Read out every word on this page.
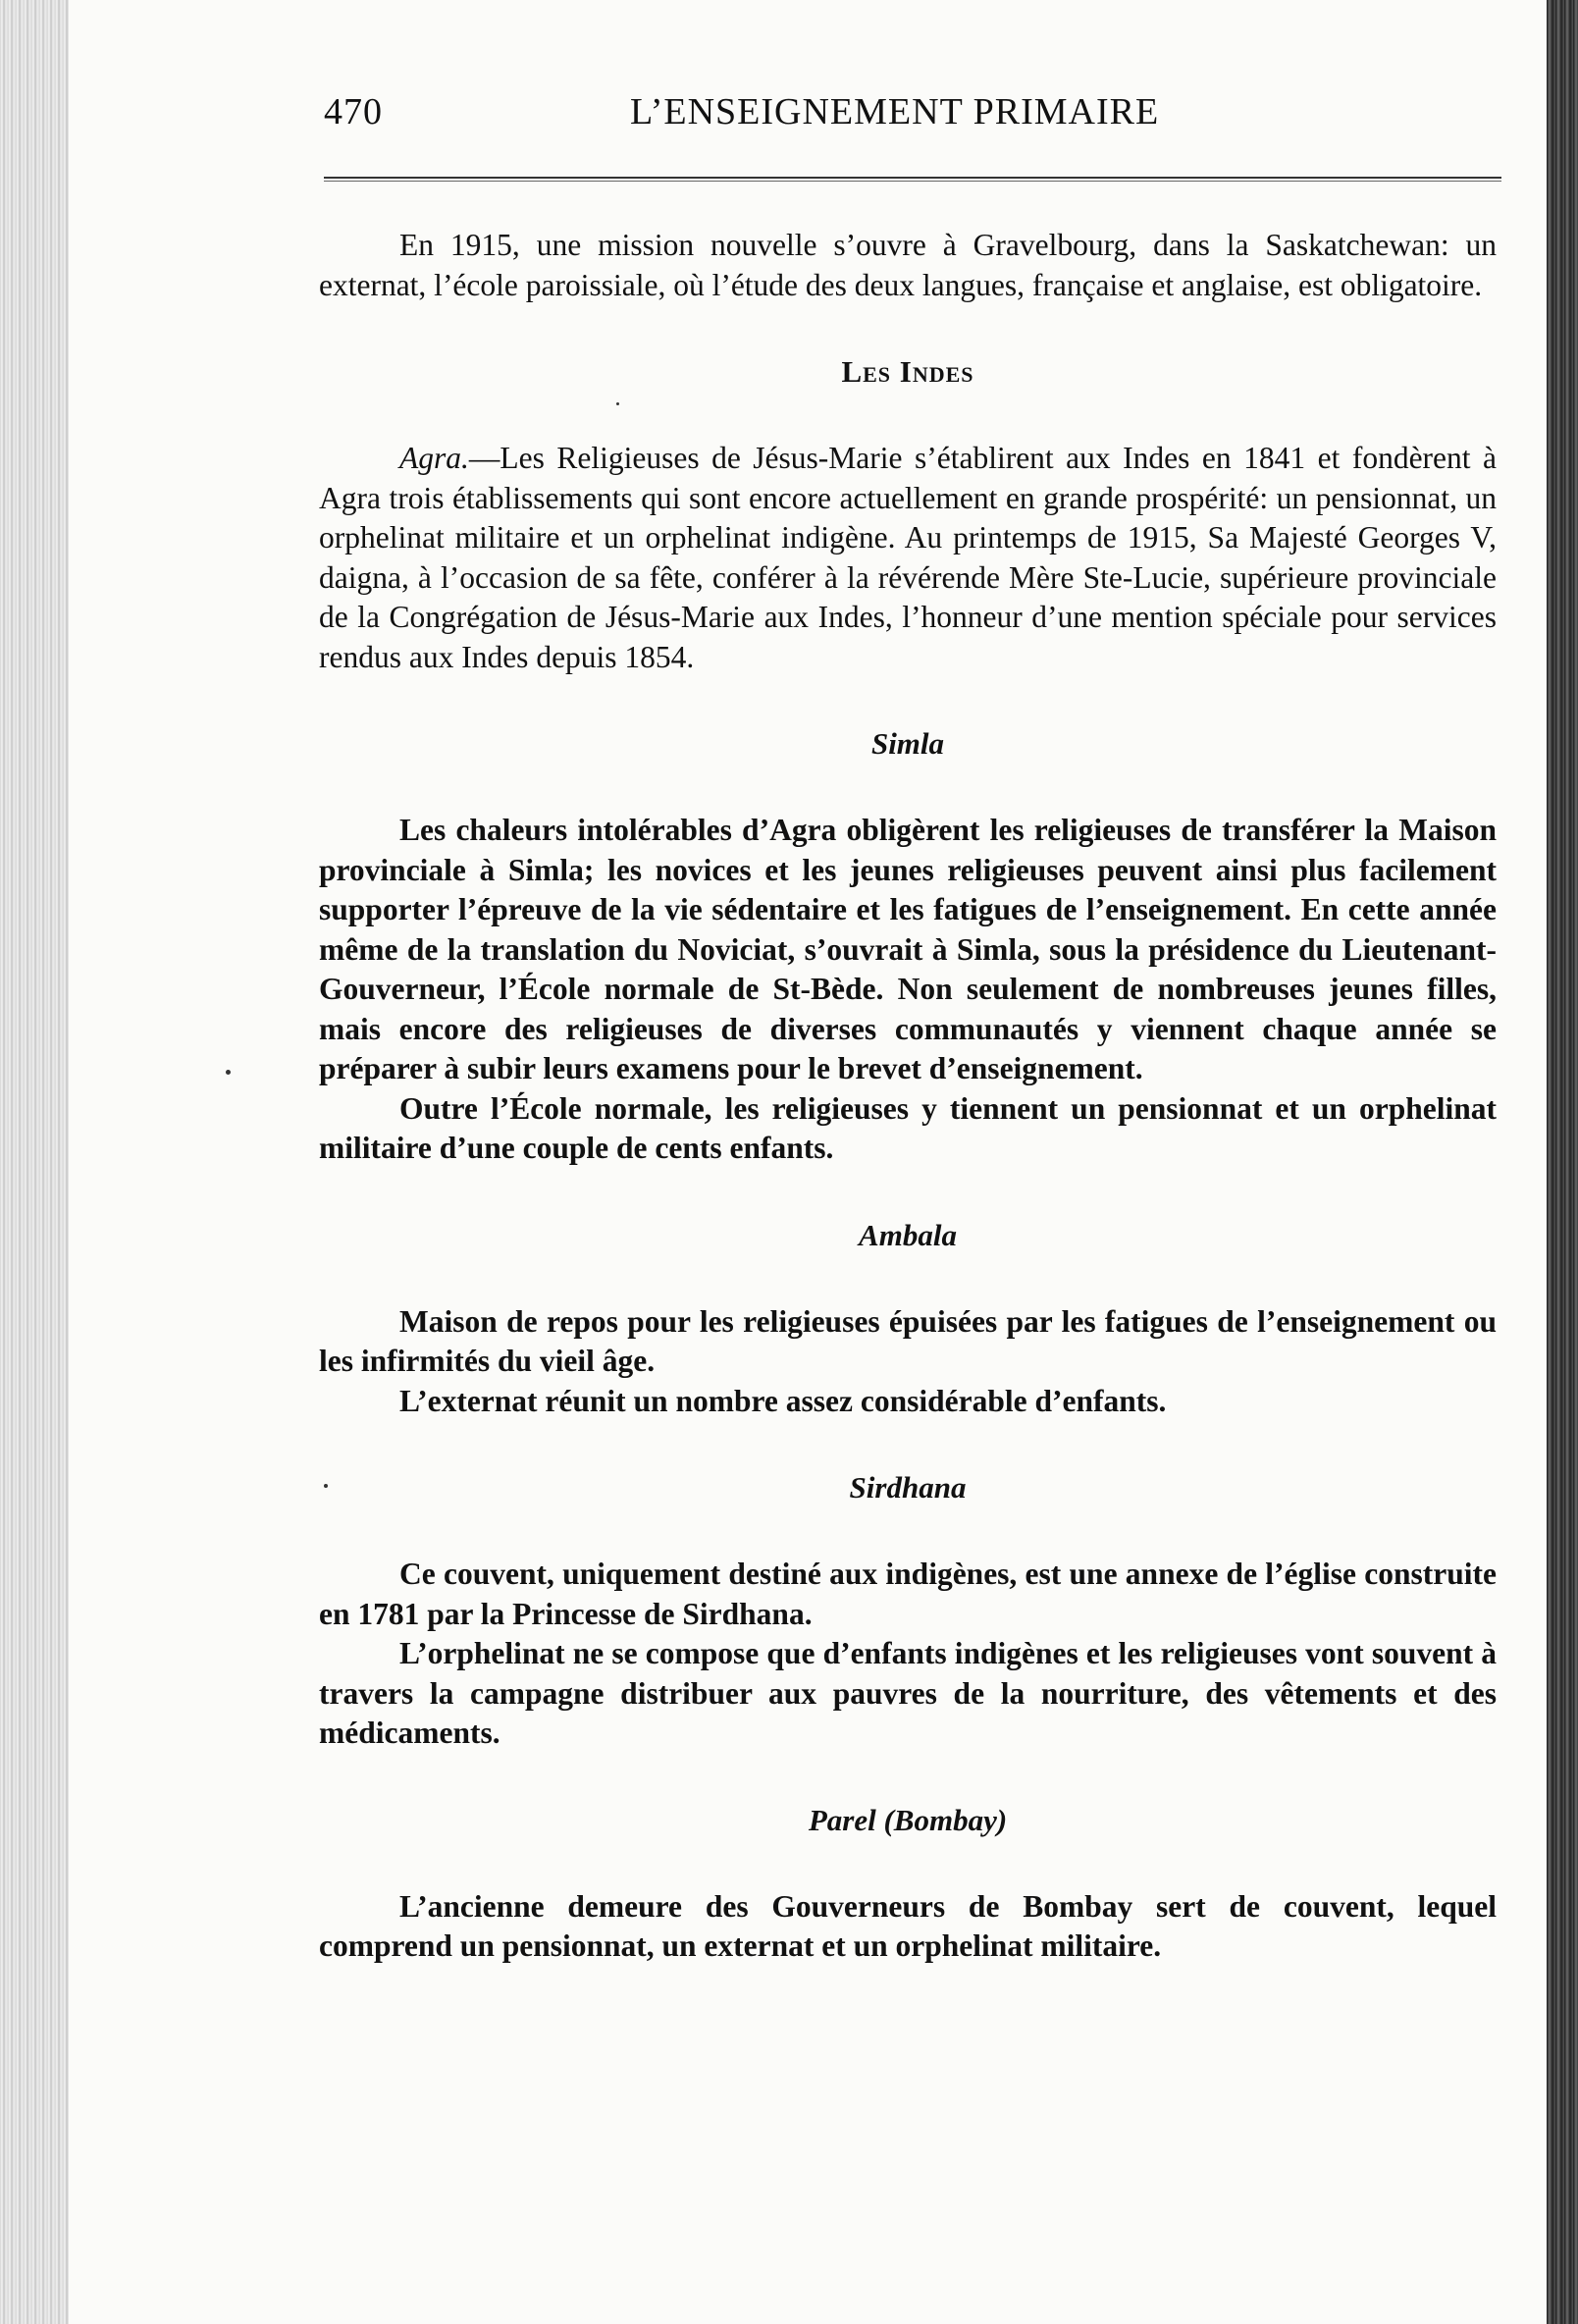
470	L’ENSEIGNEMENT PRIMAIRE

En 1915, une mission nouvelle s’ouvre à Gravelbourg, dans la Saskatchewan: un externat, l’école paroissiale, où l’étude des deux langues, française et anglaise, est obligatoire.

Les Indes

Agra.—Les Religieuses de Jésus-Marie s’établirent aux Indes en 1841 et fondèrent à Agra trois établissements qui sont encore actuellement en grande prospérité: un pensionnat, un orphelinat militaire et un orphelinat indigène. Au printemps de 1915, Sa Majesté Georges V, daigna, à l’occasion de sa fête, conférer à la révérende Mère Ste-Lucie, supérieure provinciale de la Congrégation de Jésus-Marie aux Indes, l’honneur d’une mention spéciale pour services rendus aux Indes depuis 1854.

Simla

Les chaleurs intolérables d’Agra obligèrent les religieuses de transférer la Maison provinciale à Simla; les novices et les jeunes religieuses peuvent ainsi plus facilement supporter l’épreuve de la vie sédentaire et les fatigues de l’enseignement. En cette année même de la translation du Noviciat, s’ouvrait à Simla, sous la présidence du Lieutenant-Gouverneur, l’École normale de St-Bède. Non seulement de nombreuses jeunes filles, mais encore des religieuses de diverses communautés y viennent chaque année se préparer à subir leurs examens pour le brevet d’enseignement.

Outre l’École normale, les religieuses y tiennent un pensionnat et un orphelinat militaire d’une couple de cents enfants.

Ambala

Maison de repos pour les religieuses épuisées par les fatigues de l’enseignement ou les infirmités du vieil âge.

L’externat réunit un nombre assez considérable d’enfants.

Sirdhana

Ce couvent, uniquement destiné aux indigènes, est une annexe de l’église construite en 1781 par la Princesse de Sirdhana.

L’orphelinat ne se compose que d’enfants indigènes et les religieuses vont souvent à travers la campagne distribuer aux pauvres de la nourriture, des vêtements et des médicaments.

Parel (Bombay)

L’ancienne demeure des Gouverneurs de Bombay sert de couvent, lequel comprend un pensionnat, un externat et un orphelinat militaire.
